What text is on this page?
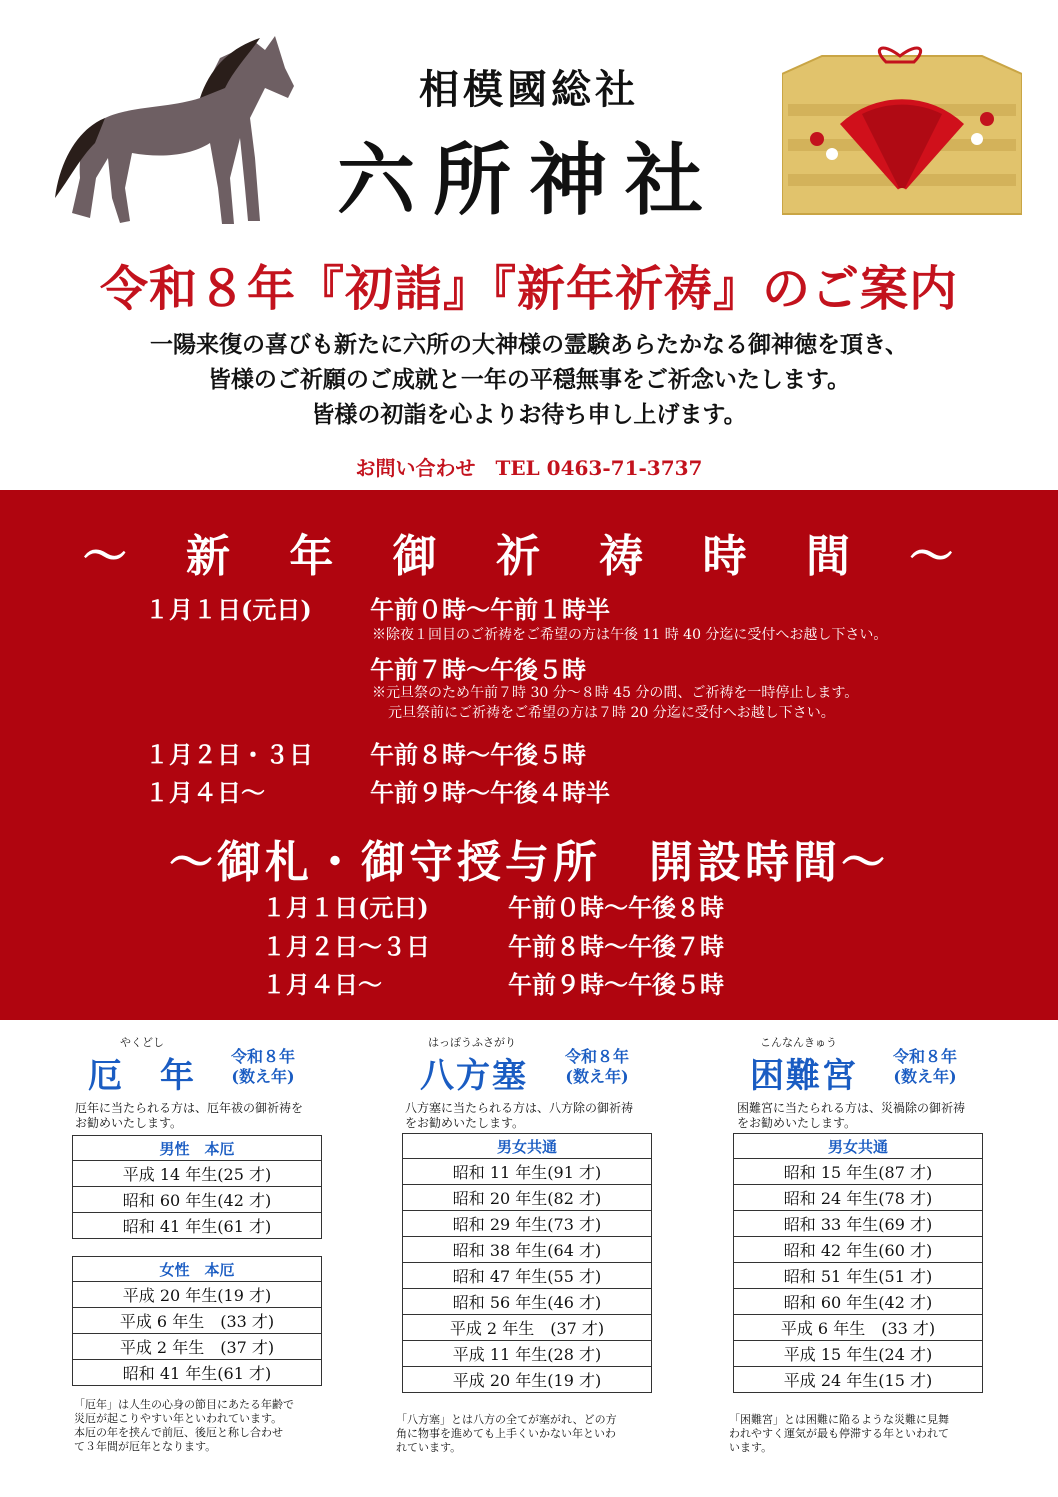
相模國総社
六所神社
令和８年『初詣』『新年祈祷』のご案内
一陽来復の喜びも新たに六所の大神様の霊験あらたかなる御神徳を頂き、
皆様のご祈願のご成就と一年の平穏無事をご祈念いたします。
皆様の初詣を心よりお待ち申し上げます。
お問い合わせ　TEL 0463-71-3737
〜 新 年 御 祈 祷 時 間 〜
１月１日(元日) 午前０時〜午前１時半
※除夜１回目のご祈祷をご希望の方は午後 11 時 40 分迄に受付へお越し下さい。
午前７時〜午後５時
※元旦祭のため午前７時 30 分〜８時 45 分の間、ご祈祷を一時停止します。
元旦祭前にご祈祷をご希望の方は７時 20 分迄に受付へお越し下さい。
１月２日・３日 午前８時〜午後５時
１月４日〜	午前９時〜午後４時半
〜御札・御守授与所　開設時間〜
１月１日(元日)	午前０時〜午後８時
１月２日〜３日	午前８時〜午後７時
１月４日〜	午前９時〜午後５時
やくどし
厄　年	令和８年
(数え年)
厄年に当たられる方は、厄年祓の御祈祷を
お勧めいたします。
男性　本厄
平成 14 年生(25 才)
昭和 60 年生(42 才)
昭和 41 年生(61 才)
女性　本厄
平成 20 年生(19 才)
平成 6 年生　(33 才)
平成 2 年生　(37 才)
昭和 41 年生(61 才)
「厄年」は人生の心身の節目にあたる年齢で
災厄が起こりやすい年といわれています。
本厄の年を挟んで前厄、後厄と称し合わせ
て３年間が厄年となります。
はっぽうふさがり
八方塞	令和８年
(数え年)
八方塞に当たられる方は、八方除の御祈祷
をお勧めいたします。
男女共通
昭和 11 年生(91 才)
昭和 20 年生(82 才)
昭和 29 年生(73 才)
昭和 38 年生(64 才)
昭和 47 年生(55 才)
昭和 56 年生(46 才)
平成 2 年生　(37 才)
平成 11 年生(28 才)
平成 20 年生(19 才)
「八方塞」とは八方の全てが塞がれ、どの方
角に物事を進めても上手くいかない年といわ
れています。
こんなんきゅう
困難宮	令和８年
(数え年)
困難宮に当たられる方は、災禍除の御祈祷
をお勧めいたします。
男女共通
昭和 15 年生(87 才)
昭和 24 年生(78 才)
昭和 33 年生(69 才)
昭和 42 年生(60 才)
昭和 51 年生(51 才)
昭和 60 年生(42 才)
平成 6 年生　(33 才)
平成 15 年生(24 才)
平成 24 年生(15 才)
「困難宮」とは困難に陥るような災難に見舞
われやすく運気が最も停滞する年といわれて
います。
